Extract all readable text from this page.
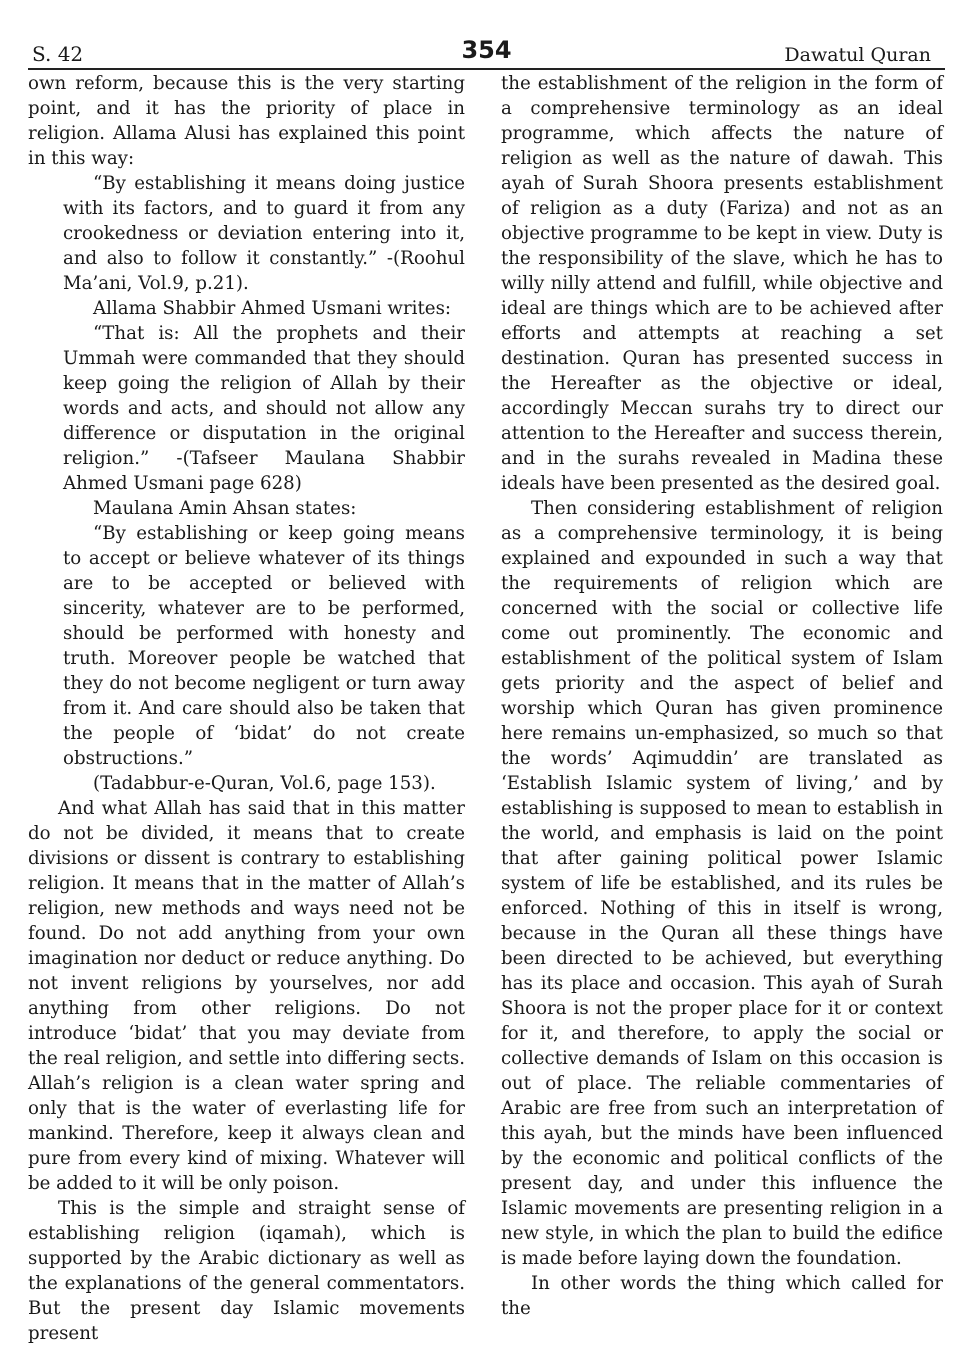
S. 42	354	Dawatul Quran

own reform, because this is the very starting point, and it has the priority of place in religion. Allama Alusi has explained this point in this way:

“By establishing it means doing justice with its factors, and to guard it from any crookedness or deviation entering into it, and also to follow it constantly.” -(Roohul Ma’ani, Vol.9, p.21).

Allama Shabbir Ahmed Usmani writes:

“That is: All the prophets and their Ummah were commanded that they should keep going the religion of Allah by their words and acts, and should not allow any difference or disputation in the original religion.” -(Tafseer Maulana Shabbir Ahmed Usmani page 628)

Maulana Amin Ahsan states:

“By establishing or keep going means to accept or believe whatever of its things are to be accepted or believed with sincerity, whatever are to be performed, should be performed with honesty and truth. Moreover people be watched that they do not become negligent or turn away from it. And care should also be taken that the people of ‘bidat’ do not create obstructions.”

(Tadabbur-e-Quran, Vol.6, page 153).

And what Allah has said that in this matter do not be divided, it means that to create divisions or dissent is contrary to establishing religion. It means that in the matter of Allah’s religion, new methods and ways need not be found. Do not add anything from your own imagination nor deduct or reduce anything. Do not invent religions by yourselves, nor add anything from other religions. Do not introduce ‘bidat’ that you may deviate from the real religion, and settle into differing sects. Allah’s religion is a clean water spring and only that is the water of everlasting life for mankind. Therefore, keep it always clean and pure from every kind of mixing. Whatever will be added to it will be only poison.

This is the simple and straight sense of establishing religion (iqamah), which is supported by the Arabic dictionary as well as the explanations of the general commentators. But the present day Islamic movements present

the establishment of the religion in the form of a comprehensive terminology as an ideal programme, which affects the nature of religion as well as the nature of dawah. This ayah of Surah Shoora presents establishment of religion as a duty (Fariza) and not as an objective programme to be kept in view. Duty is the responsibility of the slave, which he has to willy nilly attend and fulfill, while objective and ideal are things which are to be achieved after efforts and attempts at reaching a set destination. Quran has presented success in the Hereafter as the objective or ideal, accordingly Meccan surahs try to direct our attention to the Hereafter and success therein, and in the surahs revealed in Madina these ideals have been presented as the desired goal.

Then considering establishment of religion as a comprehensive terminology, it is being explained and expounded in such a way that the requirements of religion which are concerned with the social or collective life come out prominently. The economic and establishment of the political system of Islam gets priority and the aspect of belief and worship which Quran has given prominence here remains un-emphasized, so much so that the words’ Aqimuddin’ are translated as ‘Establish Islamic system of living,’ and by establishing is supposed to mean to establish in the world, and emphasis is laid on the point that after gaining political power Islamic system of life be established, and its rules be enforced. Nothing of this in itself is wrong, because in the Quran all these things have been directed to be achieved, but everything has its place and occasion. This ayah of Surah Shoora is not the proper place for it or context for it, and therefore, to apply the social or collective demands of Islam on this occasion is out of place. The reliable commentaries of Arabic are free from such an interpretation of this ayah, but the minds have been influenced by the economic and political conflicts of the present day, and under this influence the Islamic movements are presenting religion in a new style, in which the plan to build the edifice is made before laying down the foundation.

In other words the thing which called for the
